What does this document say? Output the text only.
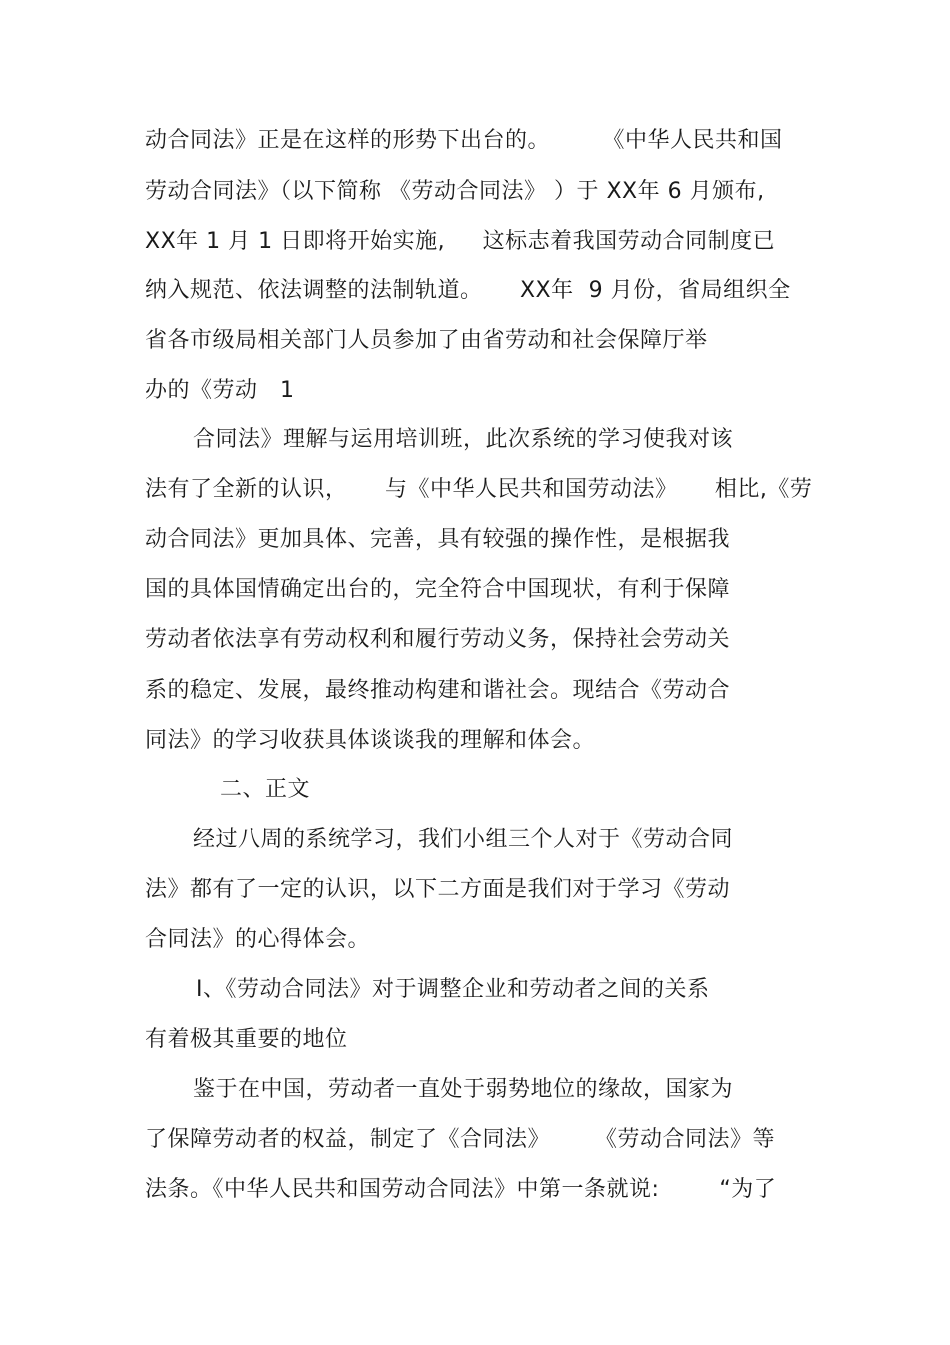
动合同法》正是在这样的形势下出台的。       《中华人民共和国
劳动合同法》（以下简称 《劳动合同法》 ）于 XX年 6 月颁布,
XX年 1 月 1 日即将开始实施,     这标志着我国劳动合同制度已
纳入规范、依法调整的法制轨道。     XX年  9 月份，省局组织全
省各市级局相关部门人员参加了由省劳动和社会保障厅举
办的《劳动   1
合同法》理解与运用培训班，此次系统的学习使我对该
法有了全新的认识，     与《中华人民共和国劳动法》     相比,《劳
动合同法》更加具体、完善，具有较强的操作性，是根据我
国的具体国情确定出台的，完全符合中国现状，有利于保障
劳动者依法享有劳动权利和履行劳动义务，保持社会劳动关
系的稳定、发展，最终推动构建和谐社会。现结合《劳动合
同法》的学习收获具体谈谈我的理解和体会。
二、正文
经过八周的系统学习，我们小组三个人对于《劳动合同
法》都有了一定的认识，以下二方面是我们对于学习《劳动
合同法》的心得体会。
Ⅰ、《劳动合同法》对于调整企业和劳动者之间的关系
有着极其重要的地位
鉴于在中国，劳动者一直处于弱势地位的缘故，国家为
了保障劳动者的权益，制定了《合同法》      《劳动合同法》等
法条。《中华人民共和国劳动合同法》中第一条就说:        “为了
